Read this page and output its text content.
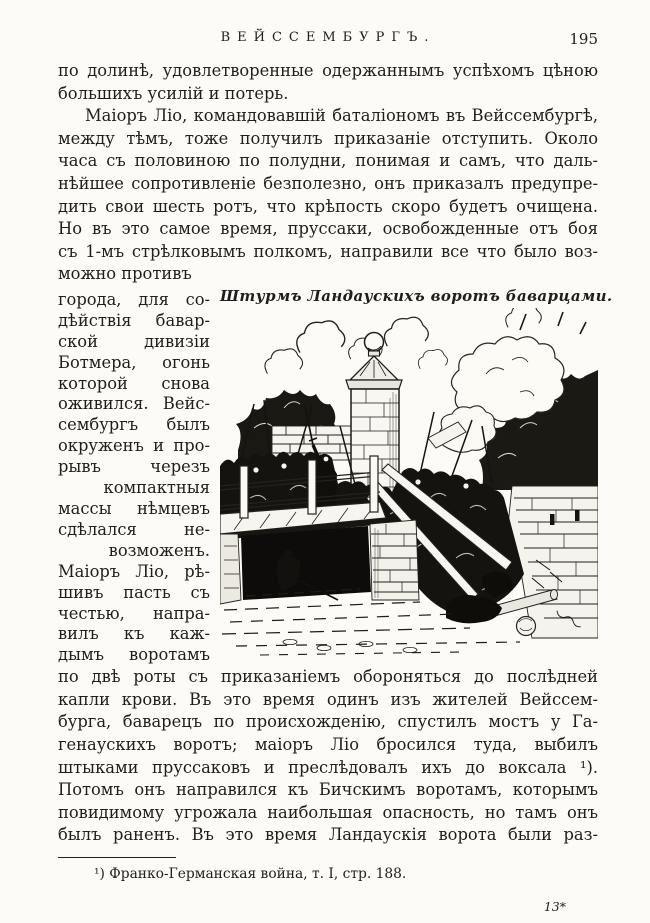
ВЕЙССЕМБУРГЪ.	195
по долинѣ, удовлетворенные одержаннымъ успѣхомъ цѣною
большихъ усилій и потерь.
Маіоръ Ліо, командовавшій баталіономъ въ Вейссембургѣ,
между тѣмъ, тоже получилъ приказаніе отступить. Около
часа съ половиною по полудни, понимая и самъ, что даль-
нѣйшее сопротивленіе безполезно, онъ приказалъ предупре-
дить свои шесть ротъ, что крѣпость скоро будетъ очищена.
Но въ это самое время, пруссаки, освобожденные отъ боя
съ 1-мъ стрѣлковымъ полкомъ, направили все что было воз-
можно противъ
города, для со-
дѣйствія бавар-
ской дивизіи
Ботмера, огонь
которой снова
оживился. Вейс-
сембургъ былъ
окруженъ и про-
рывъ черезъ
компактныя
массы нѣмцевъ
сдѣлался не-
возможенъ.
Маіоръ Ліо, рѣ-
шивъ пасть съ
честью, напра-
вилъ къ каж-
дымъ воротамъ
Штурмъ Ландаускихъ воротъ баварцами.
по двѣ роты съ приказаніемъ обороняться до послѣдней
капли крови. Въ это время одинъ изъ жителей Вейссем-
бурга, баварецъ по происхожденію, спустилъ мостъ у Га-
генаускихъ воротъ; маіоръ Ліо бросился туда, выбилъ
штыками пруссаковъ и преслѣдовалъ ихъ до воксала ¹).
Потомъ онъ направился къ Бичскимъ воротамъ, которымъ
повидимому угрожала наибольшая опасность, но тамъ онъ
былъ раненъ. Въ это время Ландаускія ворота были раз-
¹) Франко-Германская война, т. I, стр. 188.
13*
